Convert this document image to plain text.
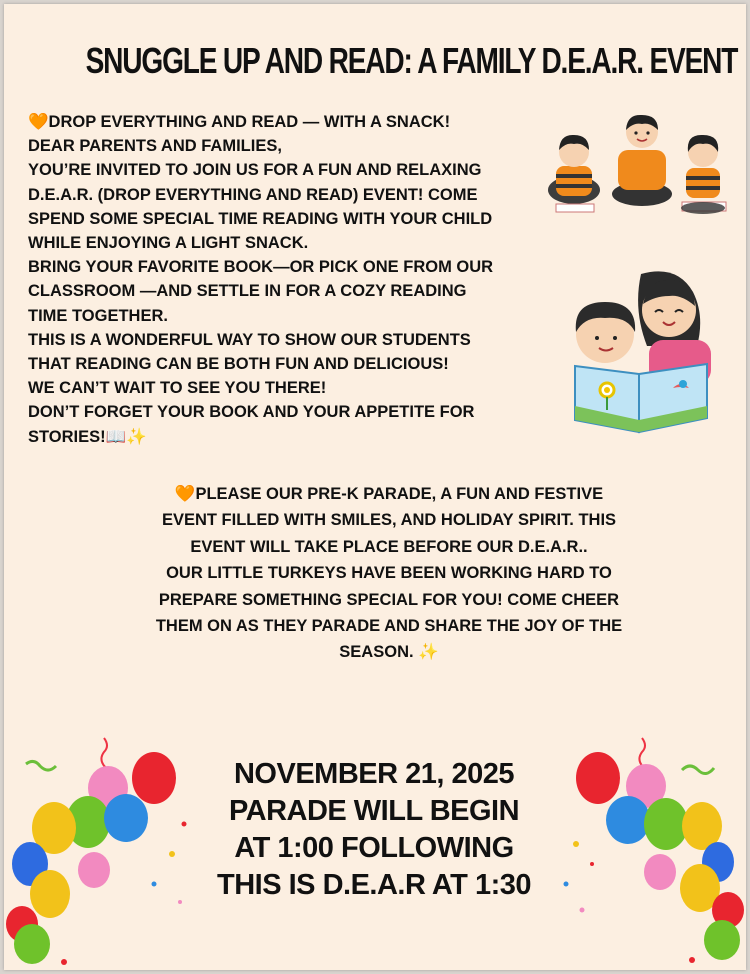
SNUGGLE UP AND READ: A FAMILY D.E.A.R. EVENT
🧡DROP EVERYTHING AND READ — WITH A SNACK!
DEAR PARENTS AND FAMILIES,
YOU’RE INVITED TO JOIN US FOR A FUN AND RELAXING
D.E.A.R. (DROP EVERYTHING AND READ) EVENT! COME
SPEND SOME SPECIAL TIME READING WITH YOUR CHILD
WHILE ENJOYING A LIGHT SNACK.
BRING YOUR FAVORITE BOOK—OR PICK ONE FROM OUR
CLASSROOM —AND SETTLE IN FOR A COZY READING
TIME TOGETHER.
THIS IS A WONDERFUL WAY TO SHOW OUR STUDENTS
THAT READING CAN BE BOTH FUN AND DELICIOUS!
WE CAN’T WAIT TO SEE YOU THERE!
DON’T FORGET YOUR BOOK AND YOUR APPETITE FOR
STORIES!📖✨
🧡PLEASE OUR PRE-K PARADE, A FUN AND FESTIVE
EVENT FILLED WITH SMILES, AND HOLIDAY SPIRIT. THIS
EVENT WILL TAKE PLACE BEFORE OUR D.E.A.R..
OUR LITTLE TURKEYS HAVE BEEN WORKING HARD TO
PREPARE SOMETHING SPECIAL FOR YOU! COME CHEER
THEM ON AS THEY PARADE AND SHARE THE JOY OF THE
SEASON. ✨
NOVEMBER 21, 2025
PARADE WILL BEGIN
AT 1:00 FOLLOWING
THIS IS D.E.A.R AT 1:30
